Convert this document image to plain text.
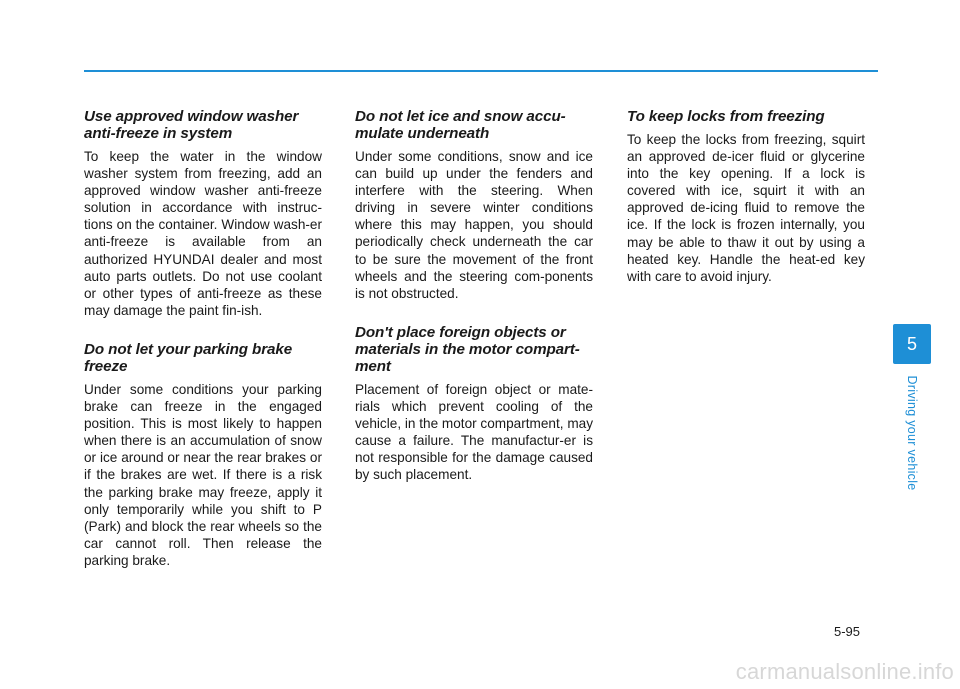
Use approved window washer anti-freeze in system

To keep the water in the window washer system from freezing, add an approved window washer anti-freeze solution in accordance with instruc-tions on the container. Window wash-er anti-freeze is available from an authorized HYUNDAI dealer and most auto parts outlets. Do not use coolant or other types of anti-freeze as these may damage the paint fin-ish.

Do not let your parking brake freeze

Under some conditions your parking brake can freeze in the engaged position. This is most likely to happen when there is an accumulation of snow or ice around or near the rear brakes or if the brakes are wet. If there is a risk the parking brake may freeze, apply it only temporarily while you shift to P (Park) and block the rear wheels so the car cannot roll. Then release the parking brake.

Do not let ice and snow accu-mulate underneath

Under some conditions, snow and ice can build up under the fenders and interfere with the steering. When driving in severe winter conditions where this may happen, you should periodically check underneath the car to be sure the movement of the front wheels and the steering com-ponents is not obstructed.

Don't place foreign objects or materials in the motor compart-ment

Placement of foreign object or mate-rials which prevent cooling of the vehicle, in the motor compartment, may cause a failure. The manufactur-er is not responsible for the damage caused by such placement.

To keep locks from freezing

To keep the locks from freezing, squirt an approved de-icer fluid or glycerine into the key opening. If a lock is covered with ice, squirt it with an approved de-icing fluid to remove the ice. If the lock is frozen internally, you may be able to thaw it out by using a heated key. Handle the heat-ed key with care to avoid injury.

5
Driving your vehicle
5-95
carmanualsonline.info
